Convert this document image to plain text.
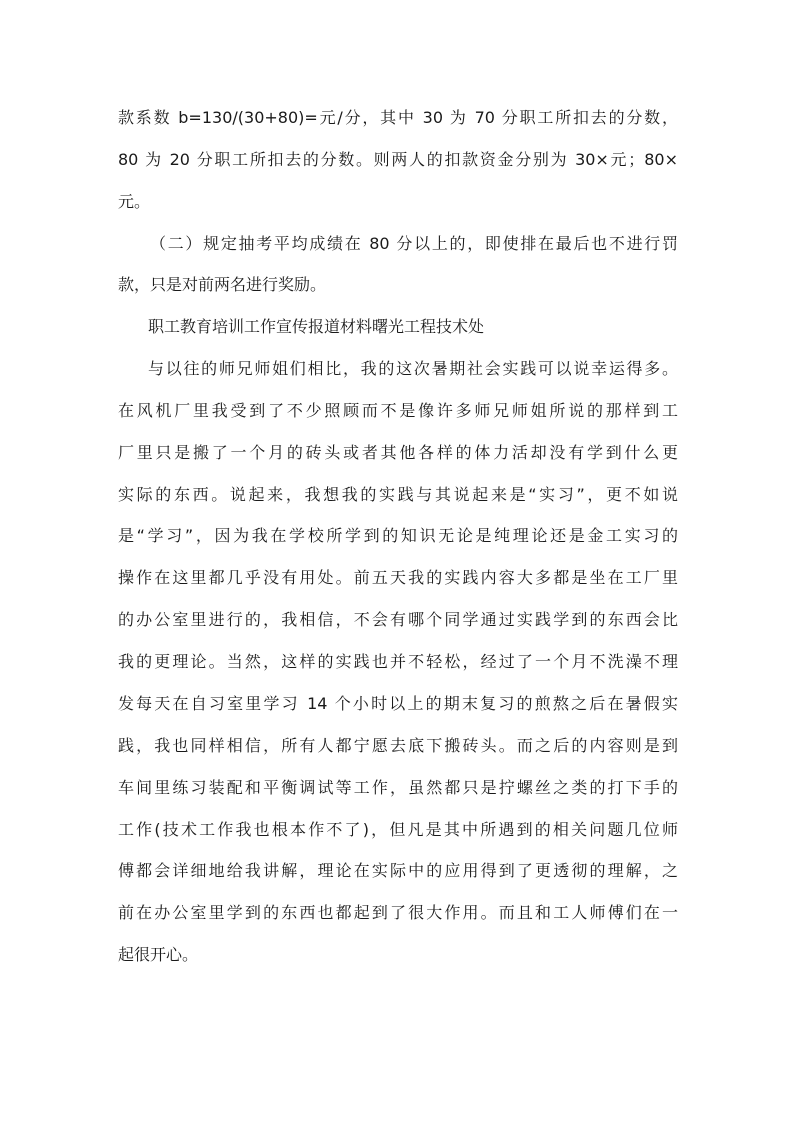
款系数 b=130/(30+80)=元/分，其中 30 为 70 分职工所扣去的分数，
80 为 20 分职工所扣去的分数。则两人的扣款资金分别为 30×元；80×
元。
（二）规定抽考平均成绩在 80 分以上的，即使排在最后也不进行罚
款，只是对前两名进行奖励。
职工教育培训工作宣传报道材料曙光工程技术处
与以往的师兄师姐们相比，我的这次暑期社会实践可以说幸运得多。
在风机厂里我受到了不少照顾而不是像许多师兄师姐所说的那样到工
厂里只是搬了一个月的砖头或者其他各样的体力活却没有学到什么更
实际的东西。说起来，我想我的实践与其说起来是“实习”，更不如说
是“学习”，因为我在学校所学到的知识无论是纯理论还是金工实习的
操作在这里都几乎没有用处。前五天我的实践内容大多都是坐在工厂里
的办公室里进行的，我相信，不会有哪个同学通过实践学到的东西会比
我的更理论。当然，这样的实践也并不轻松，经过了一个月不洗澡不理
发每天在自习室里学习 14 个小时以上的期末复习的煎熬之后在暑假实
践，我也同样相信，所有人都宁愿去底下搬砖头。而之后的内容则是到
车间里练习装配和平衡调试等工作，虽然都只是拧螺丝之类的打下手的
工作(技术工作我也根本作不了)，但凡是其中所遇到的相关问题几位师
傅都会详细地给我讲解，理论在实际中的应用得到了更透彻的理解，之
前在办公室里学到的东西也都起到了很大作用。而且和工人师傅们在一
起很开心。
